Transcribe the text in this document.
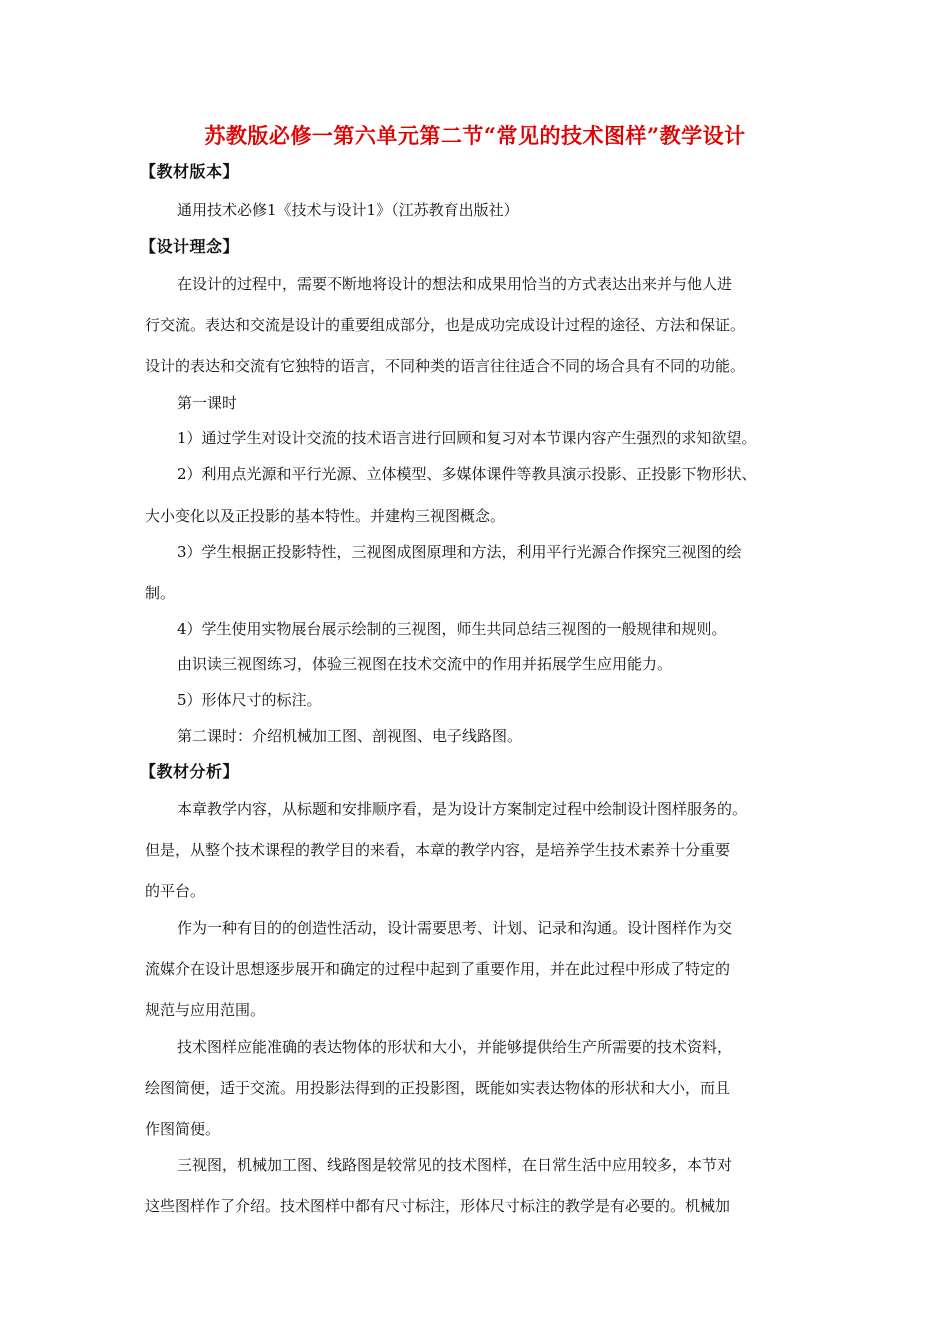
苏教版必修一第六单元第二节“常见的技术图样”教学设计
【教材版本】
通用技术必修1《技术与设计1》（江苏教育出版社）
【设计理念】
在设计的过程中，需要不断地将设计的想法和成果用恰当的方式表达出来并与他人进
行交流。表达和交流是设计的重要组成部分，也是成功完成设计过程的途径、方法和保证。
设计的表达和交流有它独特的语言，不同种类的语言往往适合不同的场合具有不同的功能。
第一课时
1）通过学生对设计交流的技术语言进行回顾和复习对本节课内容产生强烈的求知欲望。
2）利用点光源和平行光源、立体模型、多媒体课件等教具演示投影、正投影下物形状、
大小变化以及正投影的基本特性。并建构三视图概念。
3）学生根据正投影特性，三视图成图原理和方法，利用平行光源合作探究三视图的绘
制。
4）学生使用实物展台展示绘制的三视图，师生共同总结三视图的一般规律和规则。
由识读三视图练习，体验三视图在技术交流中的作用并拓展学生应用能力。
5）形体尺寸的标注。
第二课时：介绍机械加工图、剖视图、电子线路图。
【教材分析】
本章教学内容，从标题和安排顺序看，是为设计方案制定过程中绘制设计图样服务的。
但是，从整个技术课程的教学目的来看，本章的教学内容，是培养学生技术素养十分重要
的平台。
作为一种有目的的创造性活动，设计需要思考、计划、记录和沟通。设计图样作为交
流媒介在设计思想逐步展开和确定的过程中起到了重要作用，并在此过程中形成了特定的
规范与应用范围。
技术图样应能准确的表达物体的形状和大小，并能够提供给生产所需要的技术资料，
绘图简便，适于交流。用投影法得到的正投影图，既能如实表达物体的形状和大小，而且
作图简便。
三视图，机械加工图、线路图是较常见的技术图样，在日常生活中应用较多，本节对
这些图样作了介绍。技术图样中都有尺寸标注，形体尺寸标注的教学是有必要的。机械加
